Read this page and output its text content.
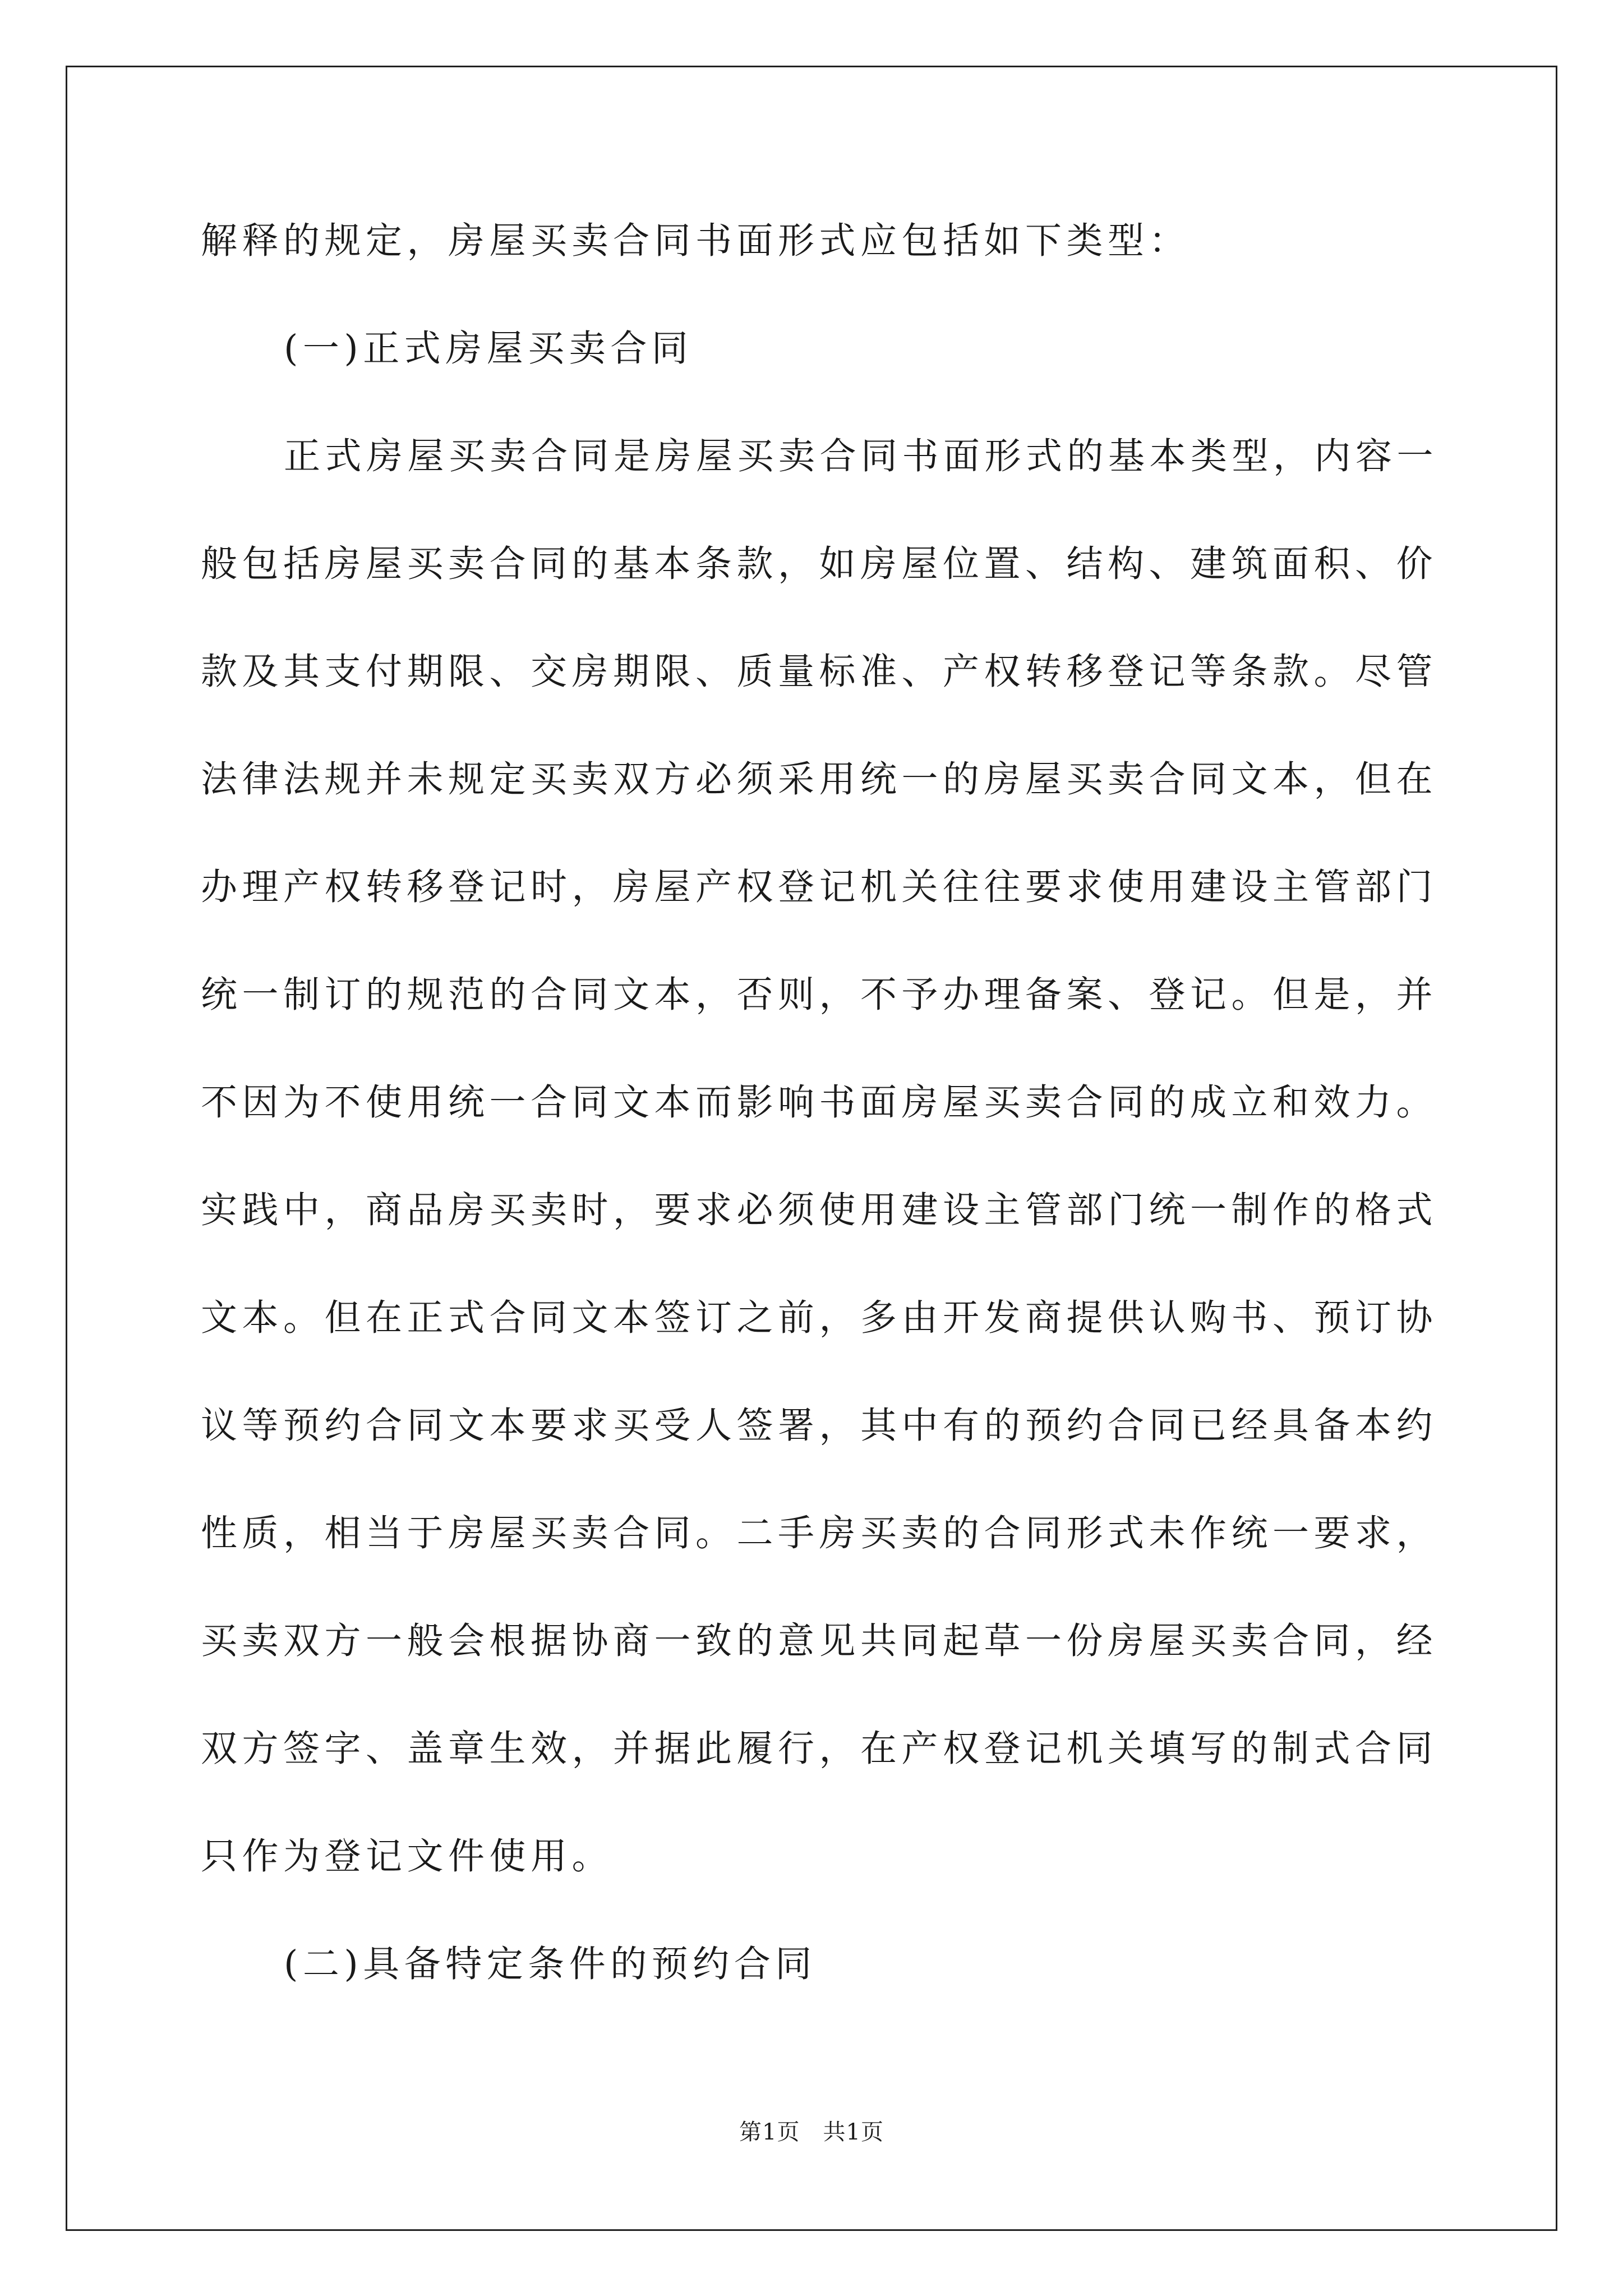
解释的规定，房屋买卖合同书面形式应包括如下类型：
(一)正式房屋买卖合同
正式房屋买卖合同是房屋买卖合同书面形式的基本类型，内容一
般包括房屋买卖合同的基本条款，如房屋位置、结构、建筑面积、价
款及其支付期限、交房期限、质量标准、产权转移登记等条款。尽管
法律法规并未规定买卖双方必须采用统一的房屋买卖合同文本，但在
办理产权转移登记时，房屋产权登记机关往往要求使用建设主管部门
统一制订的规范的合同文本，否则，不予办理备案、登记。但是，并
不因为不使用统一合同文本而影响书面房屋买卖合同的成立和效力。
实践中，商品房买卖时，要求必须使用建设主管部门统一制作的格式
文本。但在正式合同文本签订之前，多由开发商提供认购书、预订协
议等预约合同文本要求买受人签署，其中有的预约合同已经具备本约
性质，相当于房屋买卖合同。二手房买卖的合同形式未作统一要求，
买卖双方一般会根据协商一致的意见共同起草一份房屋买卖合同，经
双方签字、盖章生效，并据此履行，在产权登记机关填写的制式合同
只作为登记文件使用。
(二)具备特定条件的预约合同
第1页　共1页
